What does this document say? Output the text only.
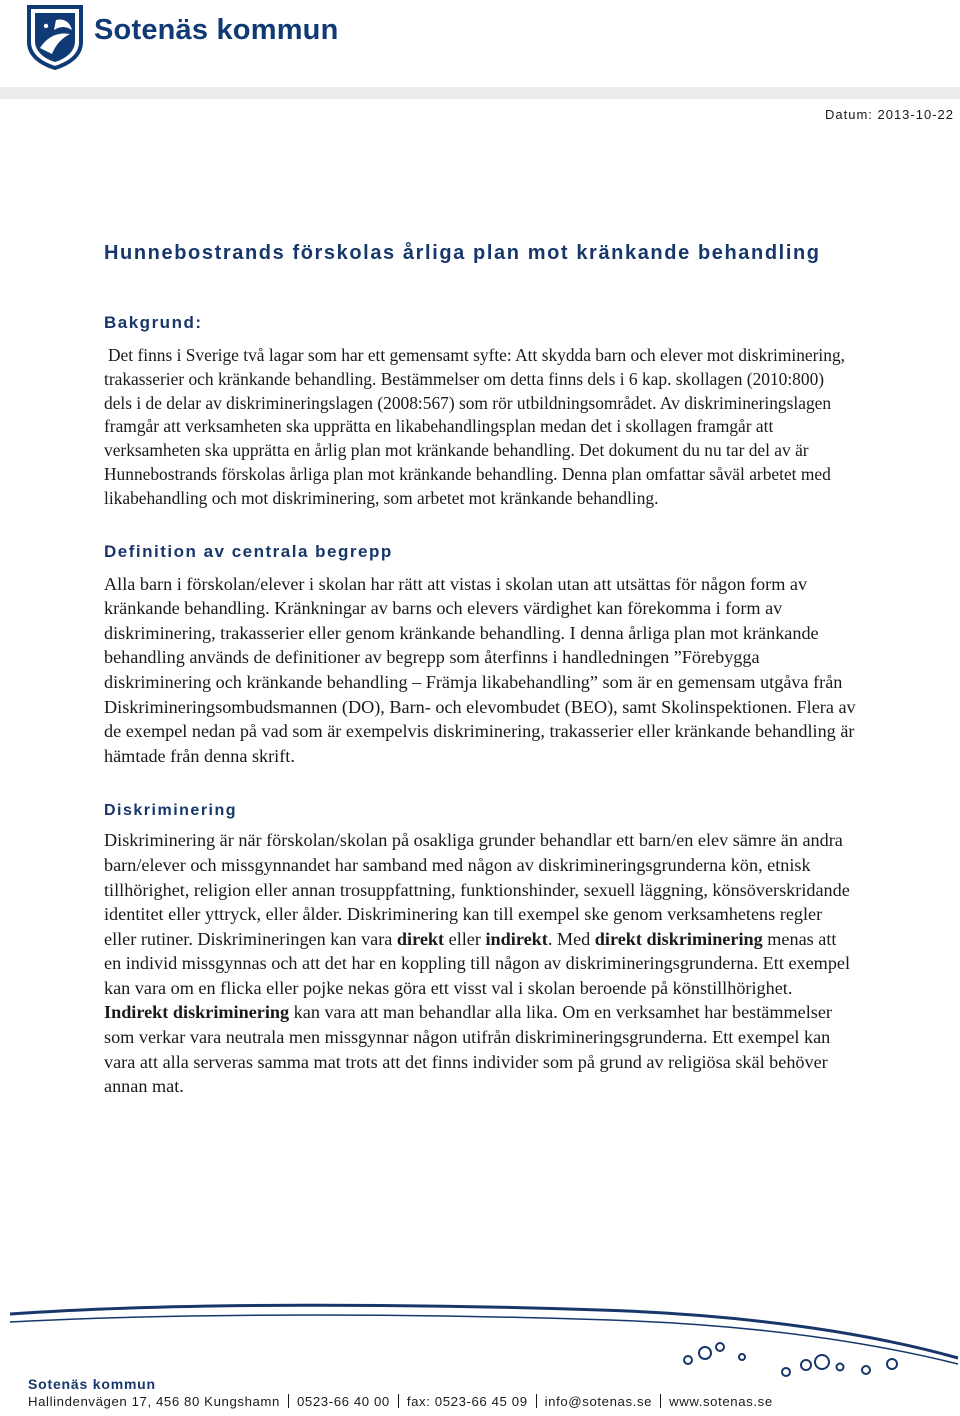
Sotenäs kommun
Datum: 2013-10-22
Hunnebostrands förskolas årliga plan mot kränkande behandling
Bakgrund:

Det finns i Sverige två lagar som har ett gemensamt syfte: Att skydda barn och elever mot diskriminering, trakasserier och kränkande behandling. Bestämmelser om detta finns dels i 6 kap. skollagen (2010:800) dels i de delar av diskrimineringslagen (2008:567) som rör utbildningsområdet. Av diskrimineringslagen framgår att verksamheten ska upprätta en likabehandlingsplan medan det i skollagen framgår att verksamheten ska upprätta en årlig plan mot kränkande behandling. Det dokument du nu tar del av är Hunnebostrands förskolas årliga plan mot kränkande behandling. Denna plan omfattar såväl arbetet med likabehandling och mot diskriminering, som arbetet mot kränkande behandling.

Definition av centrala begrepp

Alla barn i förskolan/elever i skolan har rätt att vistas i skolan utan att utsättas för någon form av kränkande behandling. Kränkningar av barns och elevers värdighet kan förekomma i form av diskriminering, trakasserier eller genom kränkande behandling. I denna årliga plan mot kränkande behandling används de definitioner av begrepp som återfinns i handledningen ”Förebygga diskriminering och kränkande behandling – Främja likabehandling” som är en gemensam utgåva från Diskrimineringsombudsmannen (DO), Barn- och elevombudet (BEO), samt Skolinspektionen. Flera av de exempel nedan på vad som är exempelvis diskriminering, trakasserier eller kränkande behandling är hämtade från denna skrift.

Diskriminering

Diskriminering är när förskolan/skolan på osakliga grunder behandlar ett barn/en elev sämre än andra barn/elever och missgynnandet har samband med någon av diskrimineringsgrunderna kön, etnisk tillhörighet, religion eller annan trosuppfattning, funktionshinder, sexuell läggning, könsöverskridande identitet eller yttryck, eller ålder. Diskriminering kan till exempel ske genom verksamhetens regler eller rutiner. Diskrimineringen kan vara direkt eller indirekt. Med direkt diskriminering menas att en individ missgynnas och att det har en koppling till någon av diskrimineringsgrunderna. Ett exempel kan vara om en flicka eller pojke nekas göra ett visst val i skolan beroende på könstillhörighet. Indirekt diskriminering kan vara att man behandlar alla lika. Om en verksamhet har bestämmelser som verkar vara neutrala men missgynnar någon utifrån diskrimineringsgrunderna. Ett exempel kan vara att alla serveras samma mat trots att det finns individer som på grund av religiösa skäl behöver annan mat.

Sotenäs kommun
Hallindenvägen 17, 456 80 Kungshamn 0523-66 40 00 fax: 0523-66 45 09 info@sotenas.se www.sotenas.se
